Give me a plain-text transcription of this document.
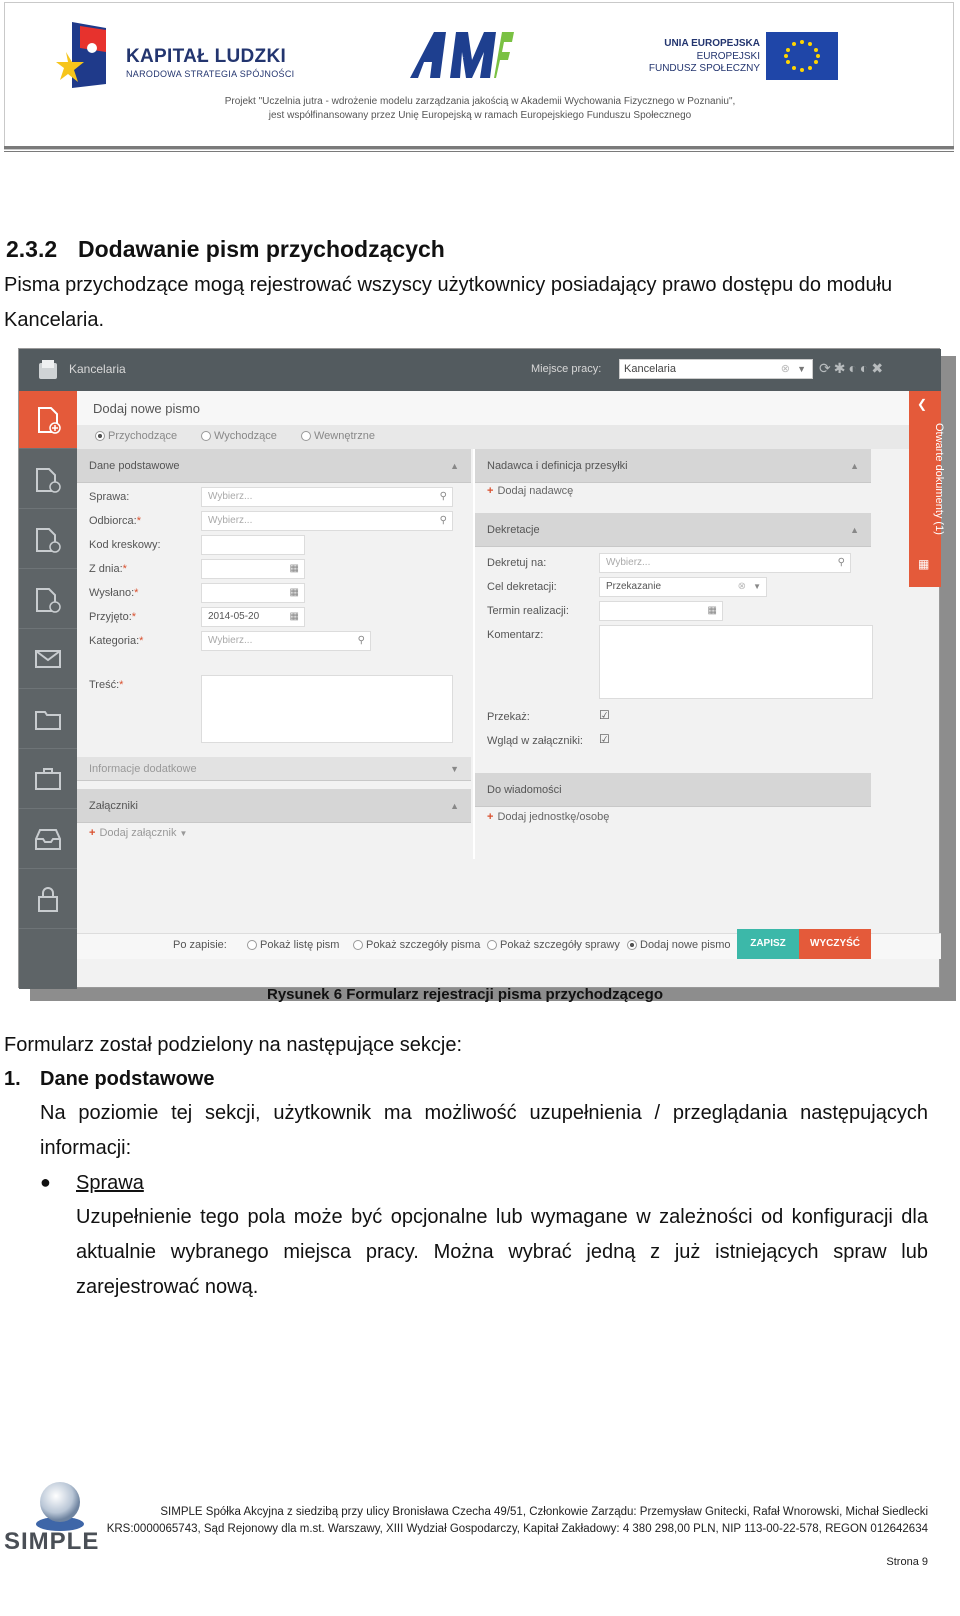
KAPITAŁ LUDZKI
NARODOWA STRATEGIA SPÓJNOŚCI
AWF
UNIA EUROPEJSKA
EUROPEJSKI
FUNDUSZ SPOŁECZNY
Projekt "Uczelnia jutra - wdrożenie modelu zarządzania jakością w Akademii Wychowania Fizycznego w Poznaniu",
jest współfinansowany przez Unię Europejską w ramach Europejskiego Funduszu Społecznego
2.3.2 Dodawanie pism przychodzących
Pisma przychodzące mogą rejestrować wszyscy użytkownicy posiadający prawo dostępu do modułu Kancelaria.
Kancelaria	Miejsce pracy:	Kancelaria	⊗ ▼ ⟳✱◐◐✖
Dodaj nowe pismo
Przychodzące	Wychodzące	Wewnętrzne
Dane podstawowe	▲
Sprawa:	Wybierz...	⚲
Odbiorca:*	Wybierz...	⚲
Kod kreskowy:
Z dnia:*	▦
Wysłano:*	▦
Przyjęto:*	2014-05-20	▦
Kategoria:*	Wybierz...	⚲
Treść:*
Informacje dodatkowe	▼
Załączniki	▲
+ Dodaj załącznik ▼
Nadawca i definicja przesyłki	▲
+ Dodaj nadawcę
Dekretacje	▲
Dekretuj na:	Wybierz...	⚲
Cel dekretacji:	Przekazanie	⊗ ▼
Termin realizacji:	▦
Komentarz:
Przekaż:	☑
Wgląd w załączniki: ☑
Do wiadomości
+ Dodaj jednostkę/osobę
❮
Otwarte dokumenty (1)
▦
Po zapisie:	Pokaż listę pism	Pokaż szczegóły pisma	Pokaż szczegóły sprawy	Dodaj nowe pismo	ZAPISZ	WYCZYŚĆ
Rysunek 6 Formularz rejestracji pisma przychodzącego
Formularz został podzielony na następujące sekcje:
1. Dane podstawowe
Na poziomie tej sekcji, użytkownik ma możliwość uzupełnienia / przeglądania następujących informacji:
● Sprawa
Uzupełnienie tego pola może być opcjonalne lub wymagane w zależności od konfiguracji dla aktualnie wybranego miejsca pracy. Można wybrać jedną z już istniejących spraw lub zarejestrować nową.
SIMPLE
SIMPLE Spółka Akcyjna z siedzibą przy ulicy Bronisława Czecha 49/51, Członkowie Zarządu: Przemysław Gnitecki, Rafał Wnorowski, Michał Siedlecki
KRS:0000065743, Sąd Rejonowy dla m.st. Warszawy, XIII Wydział Gospodarczy, Kapitał Zakładowy: 4 380 298,00 PLN, NIP 113-00-22-578, REGON 012642634
Strona 9
